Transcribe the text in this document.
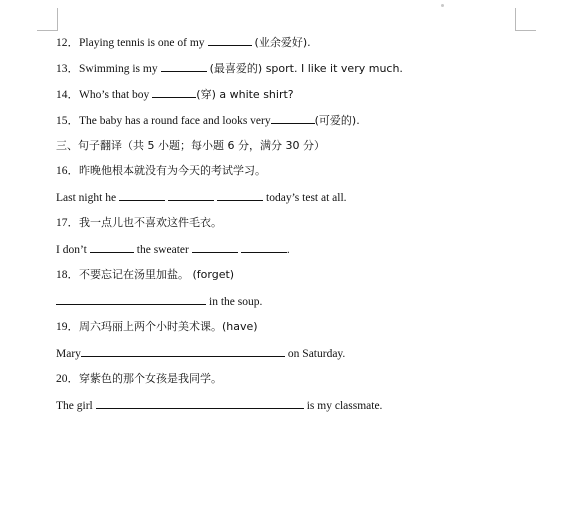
12．Playing tennis is one of my	(业余爱好).
13．Swimming is my	(最喜爱的) sport. I like it very much.
14．Who’s that boy	(穿) a white shirt?
15．The baby has a round face and looks very	(可爱的).
三、句子翻译（共 5 小题；每小题 6 分，满分 30 分）
16．昨晚他根本就没有为今天的考试学习。
Last night he	today’s test at all.
17．我一点儿也不喜欢这件毛衣。
I don’t	the sweater	.
18．不要忘记在汤里加盐。 (forget)
in the soup.
19．周六玛丽上两个小时美术课。(have)
Mary	on Saturday.
20．穿紫色的那个女孩是我同学。
The girl	is my classmate.
